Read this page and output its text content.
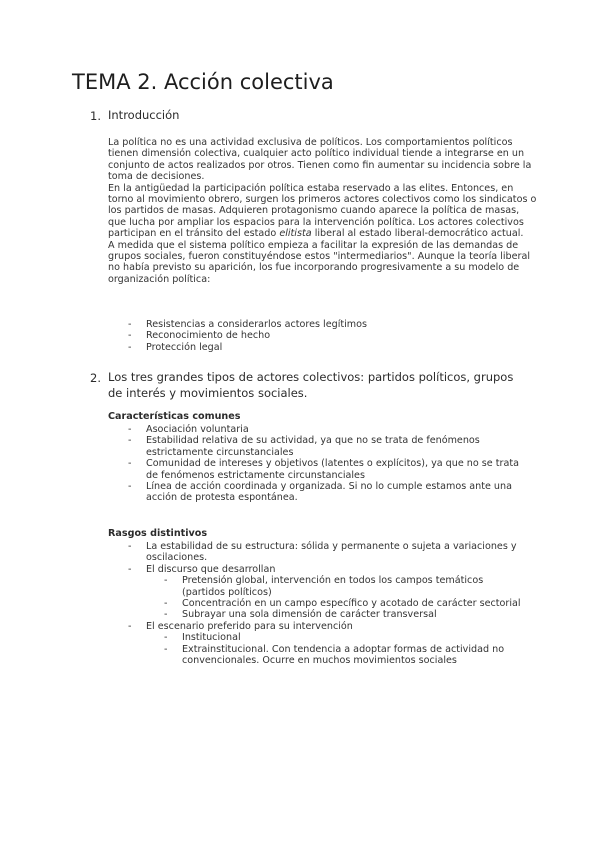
TEMA 2. Acción colectiva
1. Introducción

La política no es una actividad exclusiva de políticos. Los comportamientos políticos tienen dimensión colectiva, cualquier acto político individual tiende a integrarse en un conjunto de actos realizados por otros. Tienen como fin aumentar su incidencia sobre la toma de decisiones.

En la antigüedad la participación política estaba reservado a las elites. Entonces, en torno al movimiento obrero, surgen los primeros actores colectivos como los sindicatos o los partidos de masas. Adquieren protagonismo cuando aparece la política de masas, que lucha por ampliar los espacios para la intervención política. Los actores colectivos participan en el tránsito del estado elitista liberal al estado liberal-democrático actual.

A medida que el sistema político empieza a facilitar la expresión de las demandas de grupos sociales, fueron constituyéndose estos "intermediarios". Aunque la teoría liberal no había previsto su aparición, los fue incorporando progresivamente a su modelo de organización política:

- Resistencias a considerarlos actores legítimos
- Reconocimiento de hecho
- Protección legal
2. Los tres grandes tipos de actores colectivos: partidos políticos, grupos de interés y movimientos sociales.
Características comunes
- Asociación voluntaria
- Estabilidad relativa de su actividad, ya que no se trata de fenómenos estrictamente circunstanciales
- Comunidad de intereses y objetivos (latentes o explícitos), ya que no se trata de fenómenos estrictamente circunstanciales
- Línea de acción coordinada y organizada. Si no lo cumple estamos ante una acción de protesta espontánea.
Rasgos distintivos
- La estabilidad de su estructura: sólida y permanente o sujeta a variaciones y oscilaciones.
- El discurso que desarrollan
- Pretensión global, intervención en todos los campos temáticos (partidos políticos)
- Concentración en un campo específico y acotado de carácter sectorial
- Subrayar una sola dimensión de carácter transversal
- El escenario preferido para su intervención
- Institucional
- Extrainstitucional. Con tendencia a adoptar formas de actividad no convencionales. Ocurre en muchos movimientos sociales
